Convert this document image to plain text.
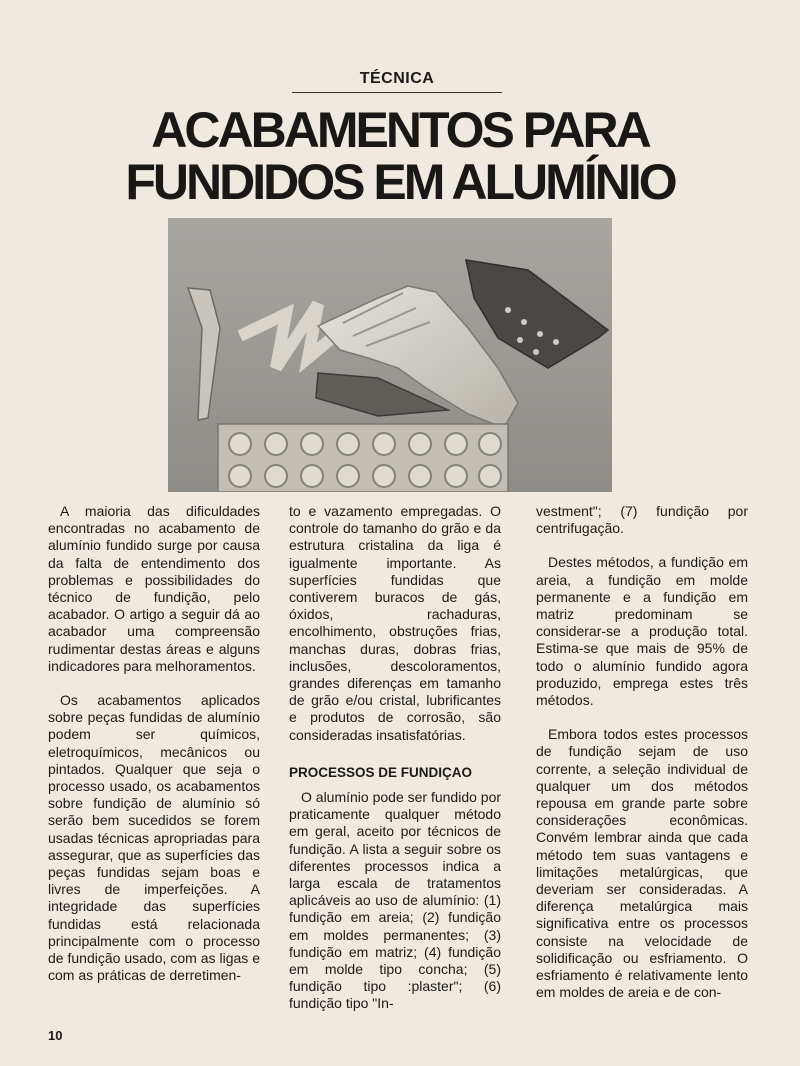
TÉCNICA
ACABAMENTOS PARA
FUNDIDOS EM ALUMÍNIO

A maioria das dificuldades encontradas no acabamento de alumínio fundido surge por causa da falta de entendimento dos problemas e possibilidades do técnico de fundição, pelo acabador. O artigo a seguir dá ao acabador uma compreensão rudimentar destas áreas e alguns indicadores para melhoramentos.

Os acabamentos aplicados sobre peças fundidas de alumínio podem ser químicos, eletroquímicos, mecânicos ou pintados. Qualquer que seja o processo usado, os acabamentos sobre fundição de alumínio só serão bem sucedidos se forem usadas técnicas apropriadas para assegurar, que as superfícies das peças fundidas sejam boas e livres de imperfeições. A integridade das superfícies fundidas está relacionada principalmente com o processo de fundição usado, com as ligas e com as práticas de derretimen-

to e vazamento empregadas. O controle do tamanho do grão e da estrutura cristalina da liga é igualmente importante. As superfícies fundidas que contiverem buracos de gás, óxidos, rachaduras, encolhimento, obstruções frias, manchas duras, dobras frias, inclusões, descoloramentos, grandes diferenças em tamanho de grão e/ou cristal, lubrificantes e produtos de corrosão, são consideradas insatisfatórias.

PROCESSOS DE FUNDIÇAO

O alumínio pode ser fundido por praticamente qualquer método em geral, aceito por técnicos de fundição. A lista a seguir sobre os diferentes processos indica a larga escala de tratamentos aplicáveis ao uso de alumínio: (1) fundição em areia; (2) fundição em moldes permanentes; (3) fundição em matriz; (4) fundição em molde tipo concha; (5) fundição tipo :plaster"; (6) fundição tipo "In-

vestment"; (7) fundição por centrifugação.

Destes métodos, a fundição em areia, a fundição em molde permanente e a fundição em matriz predominam se considerar-se a produção total. Estima-se que mais de 95% de todo o alumínio fundido agora produzido, emprega estes três métodos.

Embora todos estes processos de fundição sejam de uso corrente, a seleção individual de qualquer um dos métodos repousa em grande parte sobre considerações econômicas. Convém lembrar ainda que cada método tem suas vantagens e limitações metalúrgicas, que deveriam ser consideradas. A diferença metalúrgica mais significativa entre os processos consiste na velocidade de solidificação ou esfriamento. O esfriamento é relativamente lento em moldes de areia e de con-

10
